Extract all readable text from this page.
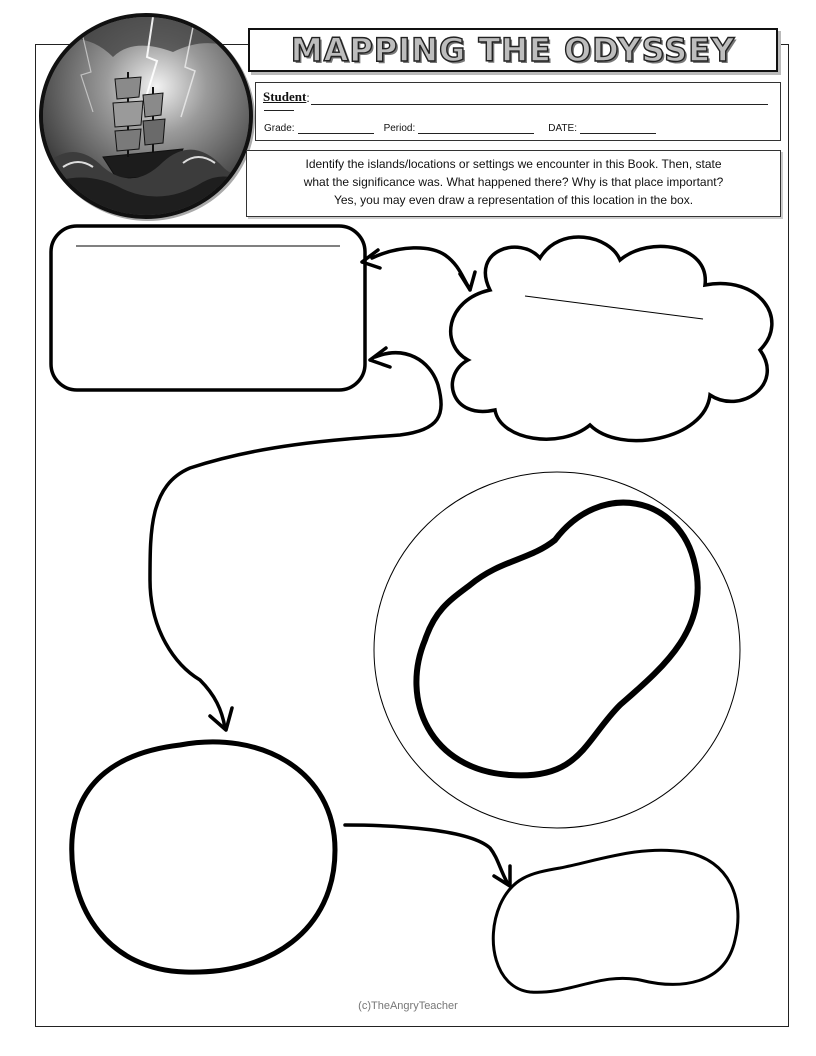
MAPPING THE ODYSSEY
Student :
Grade:	Period:	DATE:
Identify the islands/locations or settings we encounter in this Book. Then, state
what the significance was. What happened there? Why is that place important?
Yes, you may even draw a representation of this location in the box.
(c)TheAngryTeacher
